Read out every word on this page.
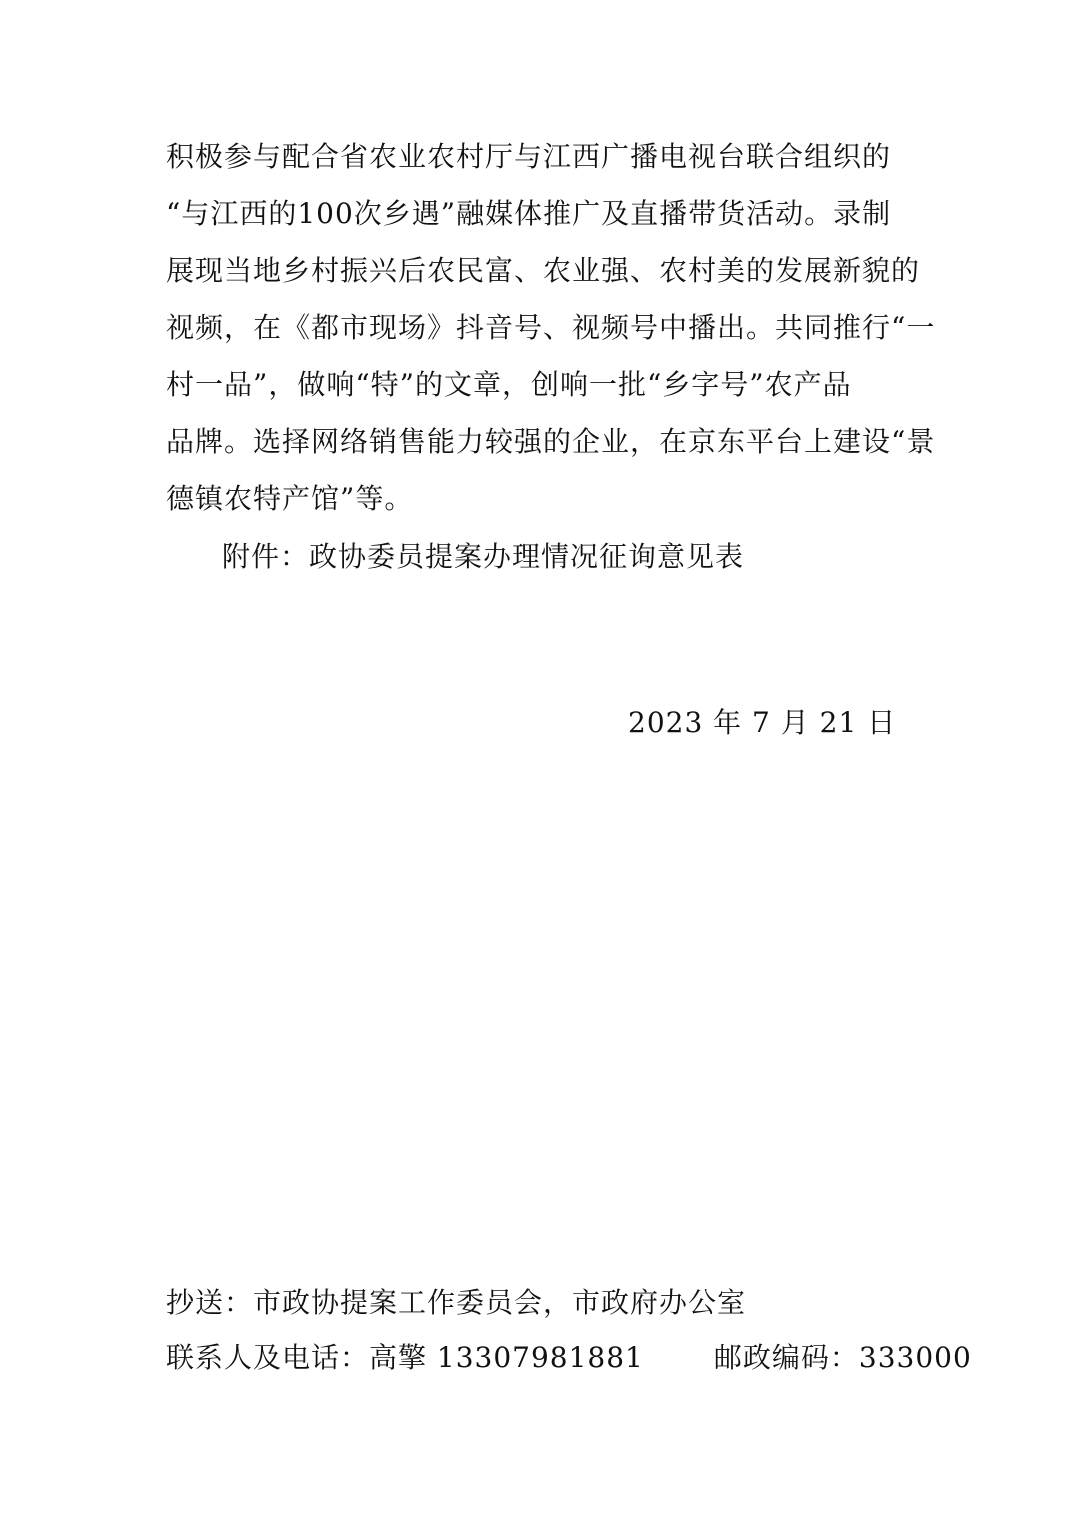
积极参与配合省农业农村厅与江西广播电视台联合组织的
“与江西的100次乡遇”融媒体推广及直播带货活动。录制
展现当地乡村振兴后农民富、农业强、农村美的发展新貌的
视频，在《都市现场》抖音号、视频号中播出。共同推行“一
村一品”，做响“特”的文章，创响一批“乡字号”农产品
品牌。选择网络销售能力较强的企业，在京东平台上建设“景
德镇农特产馆”等。
附件：政协委员提案办理情况征询意见表
2023 年 7 月 21 日
抄送：市政协提案工作委员会，市政府办公室
联系人及电话：高擎 13307981881	邮政编码：333000
